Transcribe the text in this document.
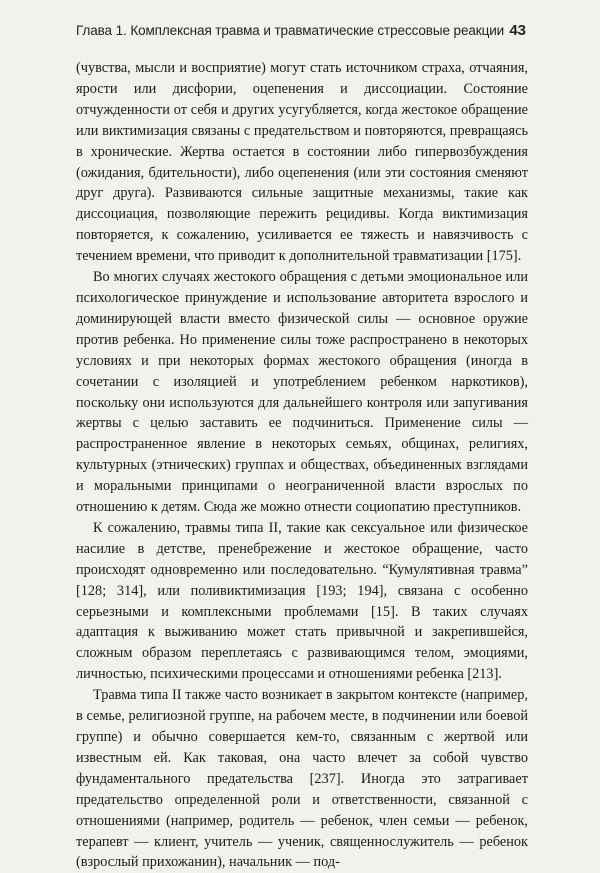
Глава 1. Комплексная травма и травматические стрессовые реакции 43

(чувства, мысли и восприятие) могут стать источником страха, отчаяния, ярости или дисфории, оцепенения и диссоциации. Состояние отчужденности от себя и других усугубляется, когда жестокое обращение или виктимизация связаны с предательством и повторяются, превращаясь в хронические. Жертва остается в состоянии либо гипервозбуждения (ожидания, бдительности), либо оцепенения (или эти состояния сменяют друг друга). Развиваются сильные защитные механизмы, такие как диссоциация, позволяющие пережить рецидивы. Когда виктимизация повторяется, к сожалению, усиливается ее тяжесть и навязчивость с течением времени, что приводит к дополнительной травматизации [175].

Во многих случаях жестокого обращения с детьми эмоциональное или психологическое принуждение и использование авторитета взрослого и доминирующей власти вместо физической силы — основное оружие против ребенка. Но применение силы тоже распространено в некоторых условиях и при некоторых формах жестокого обращения (иногда в сочетании с изоляцией и употреблением ребенком наркотиков), поскольку они используются для дальнейшего контроля или запугивания жертвы с целью заставить ее подчиниться. Применение силы — распространенное явление в некоторых семьях, общинах, религиях, культурных (этнических) группах и обществах, объединенных взглядами и моральными принципами о неограниченной власти взрослых по отношению к детям. Сюда же можно отнести социопатию преступников.

К сожалению, травмы типа II, такие как сексуальное или физическое насилие в детстве, пренебрежение и жестокое обращение, часто происходят одновременно или последовательно. “Кумулятивная травма” [128; 314], или поливиктимизация [193; 194], связана с особенно серьезными и комплексными проблемами [15]. В таких случаях адаптация к выживанию может стать привычной и закрепившейся, сложным образом переплетаясь с развивающимся телом, эмоциями, личностью, психическими процессами и отношениями ребенка [213].

Травма типа II также часто возникает в закрытом контексте (например, в семье, религиозной группе, на рабочем месте, в подчинении или боевой группе) и обычно совершается кем-то, связанным с жертвой или известным ей. Как таковая, она часто влечет за собой чувство фундаментального предательства [237]. Иногда это затрагивает предательство определенной роли и ответственности, связанной с отношениями (например, родитель — ребенок, член семьи — ребенок, терапевт — клиент, учитель — ученик, священнослужитель — ребенок (взрослый прихожанин), начальник — под-
